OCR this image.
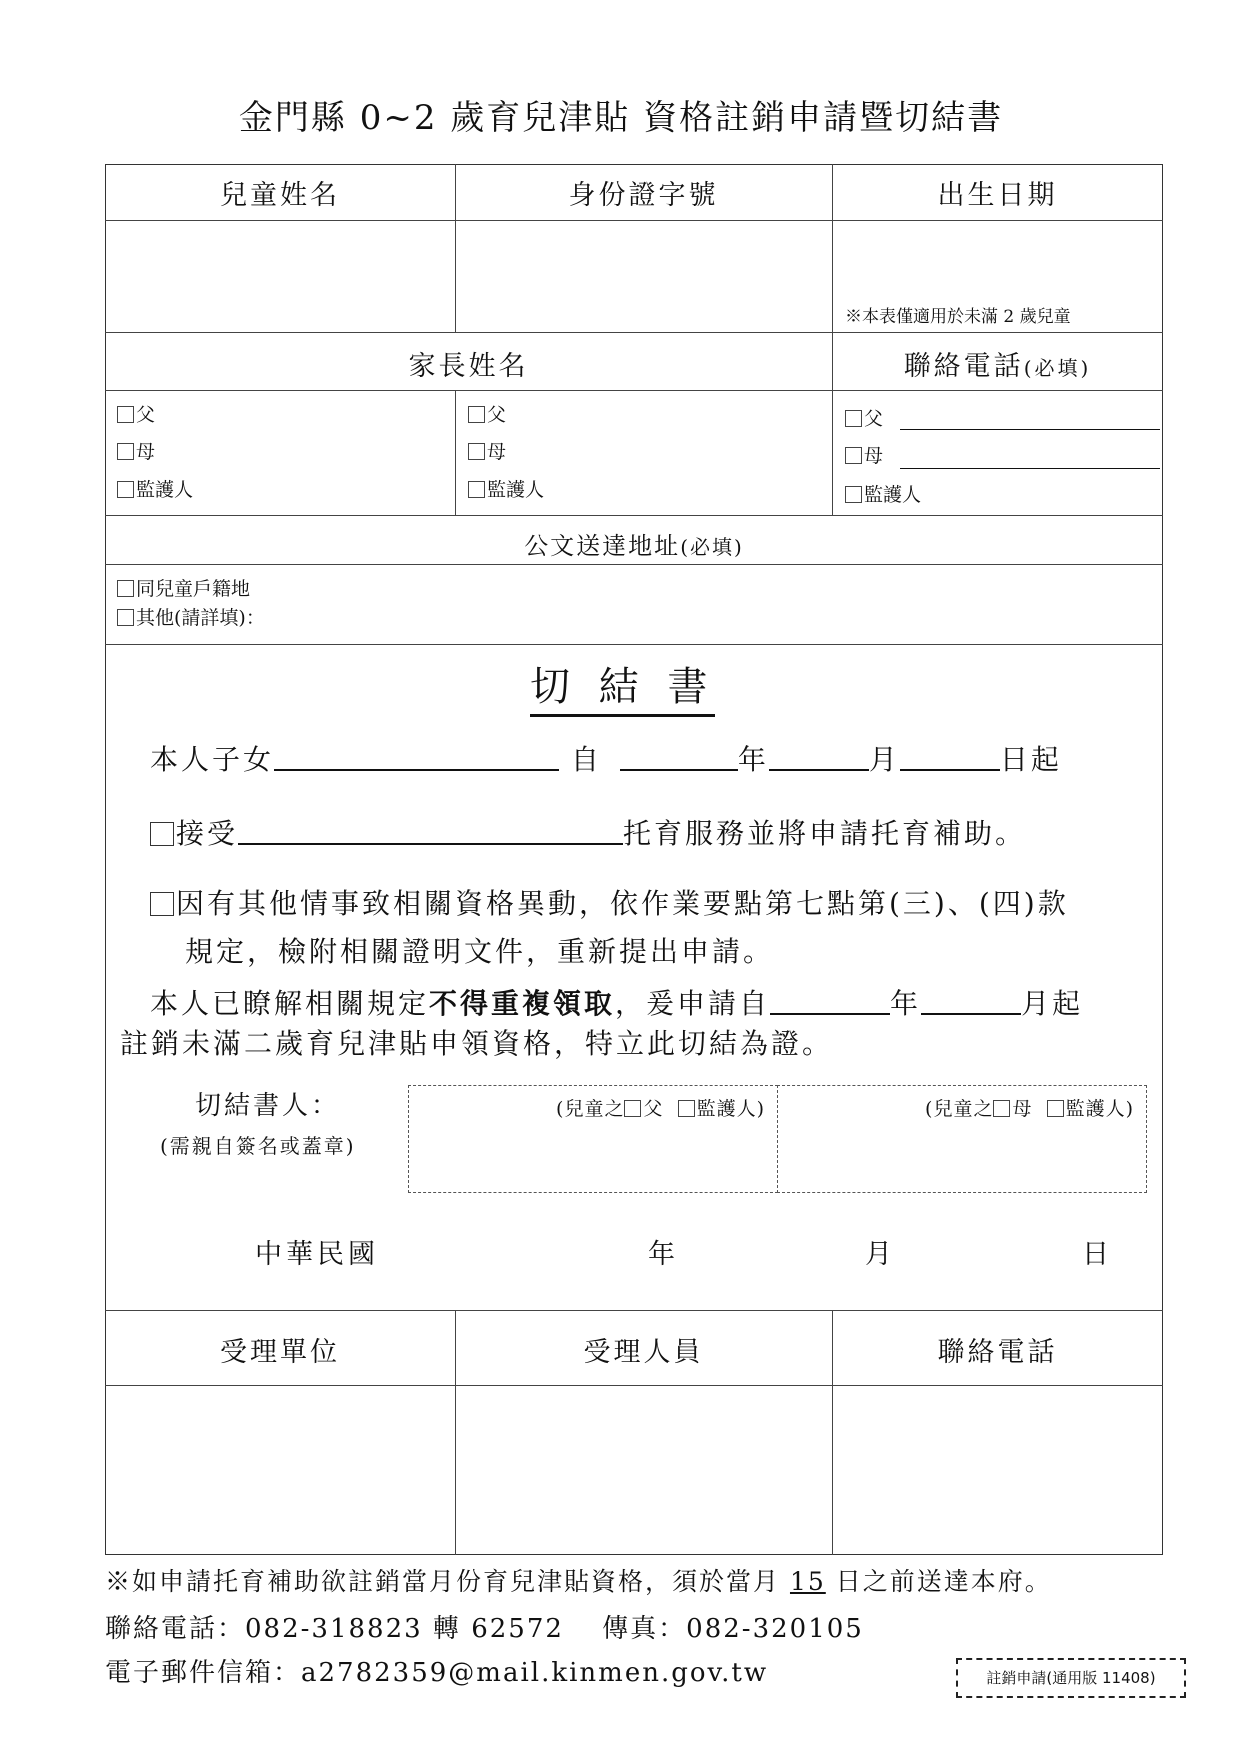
金門縣 0~2 歲育兒津貼 資格註銷申請暨切結書
兒童姓名	身份證字號	出生日期
※本表僅適用於未滿 2 歲兒童
家長姓名	聯絡電話(必填)
父
母
監護人
父
母
監護人
父
母
監護人
公文送達地址(必填)
同兒童戶籍地
其他(請詳填)：
切 結 書
本人子女	自	年	月	日起
接受	托育服務並將申請托育補助。
因有其他情事致相關資格異動，依作業要點第七點第(三)、(四)款
規定，檢附相關證明文件，重新提出申請。
本人已瞭解相關規定不得重複領取，爰申請自	年	月起
註銷未滿二歲育兒津貼申領資格，特立此切結為證。
切結書人：
(需親自簽名或蓋章)
(兒童之 父 監護人)	(兒童之 母 監護人)
中華民國	年	月	日
受理單位	受理人員	聯絡電話
※如申請托育補助欲註銷當月份育兒津貼資格，須於當月 15 日之前送達本府。
聯絡電話：082-318823 轉 62572　 傳真：082-320105
電子郵件信箱：a2782359@mail.kinmen.gov.tw	註銷申請(通用版 11408)
